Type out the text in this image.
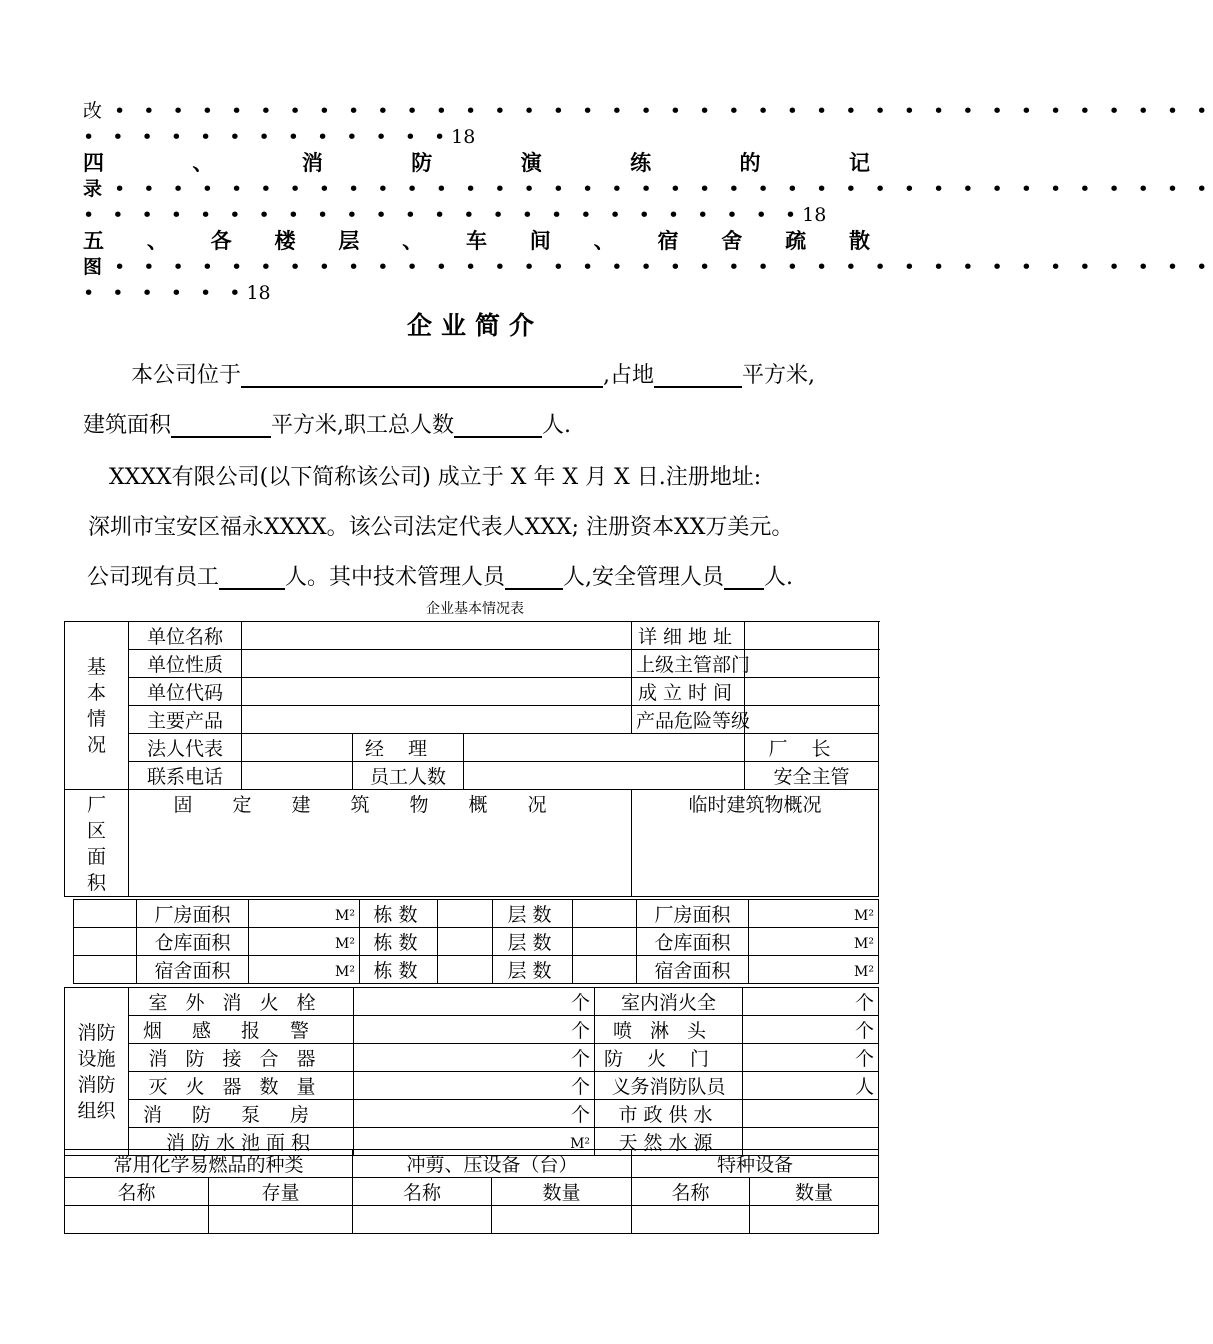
改 • • • • • • • • • • • • • • • • • • • • • • • • • • • • • • • • • • • • • •
• • • • • • • • • • • • •18
四	、	消	防	演	练	的	记
录 • • • • • • • • • • • • • • • • • • • • • • • • • • • • • • • • • • • • • •
• • • • • • • • • • • • • • • • • • • • • • • • •18
五 、 各 楼 层 、 车 间 、 宿 舍 疏 散
图 • • • • • • • • • • • • • • • • • • • • • • • • • • • • • • • • • • • • • •
• • • • • •18
企业简介
本公司位于	,占地	平方米,
建筑面积	平方米,职工总人数	人.
XXXX有限公司(以下简称该公司) 成立于 X 年 X 月 X 日.注册地址:
深圳市宝安区福永XXXX。该公司法定代表人XXX; 注册资本XX万美元。
公司现有员工	人。其中技术管理人员	人,安全管理人员 人.
企业基本情况表
基
本
情
况	单位名称				详细地址		
	单位性质				上级主管部门		
	单位代码				成立时间		
	主要产品				产品危险等级		
	法人代表		经理			厂长	
	联系电话		员工人数			安全主管	

厂
区
面
积	固定建筑物概况				临时建筑物概况		
	厂房面积	M²	栋数		层数		厂房面积	M²
	仓库面积	M²	栋数		层数		仓库面积	M²
	宿舍面积	M²	栋数		层数		宿舍面积	M²
消防
设施
消防
组织	室外消火栓	个	室内消火全	个
	烟感报警	个	喷淋头	个
	消防接合器	个	防火门	个
	灭火器数量	个	义务消防队员	人
	消防泵房	个	市政供水	
	消防水池面积	M²	天然水源	
常用化学易燃品的种类		冲剪、压设备（台）		特种设备	
名称	存量	名称	数量	名称	数量
